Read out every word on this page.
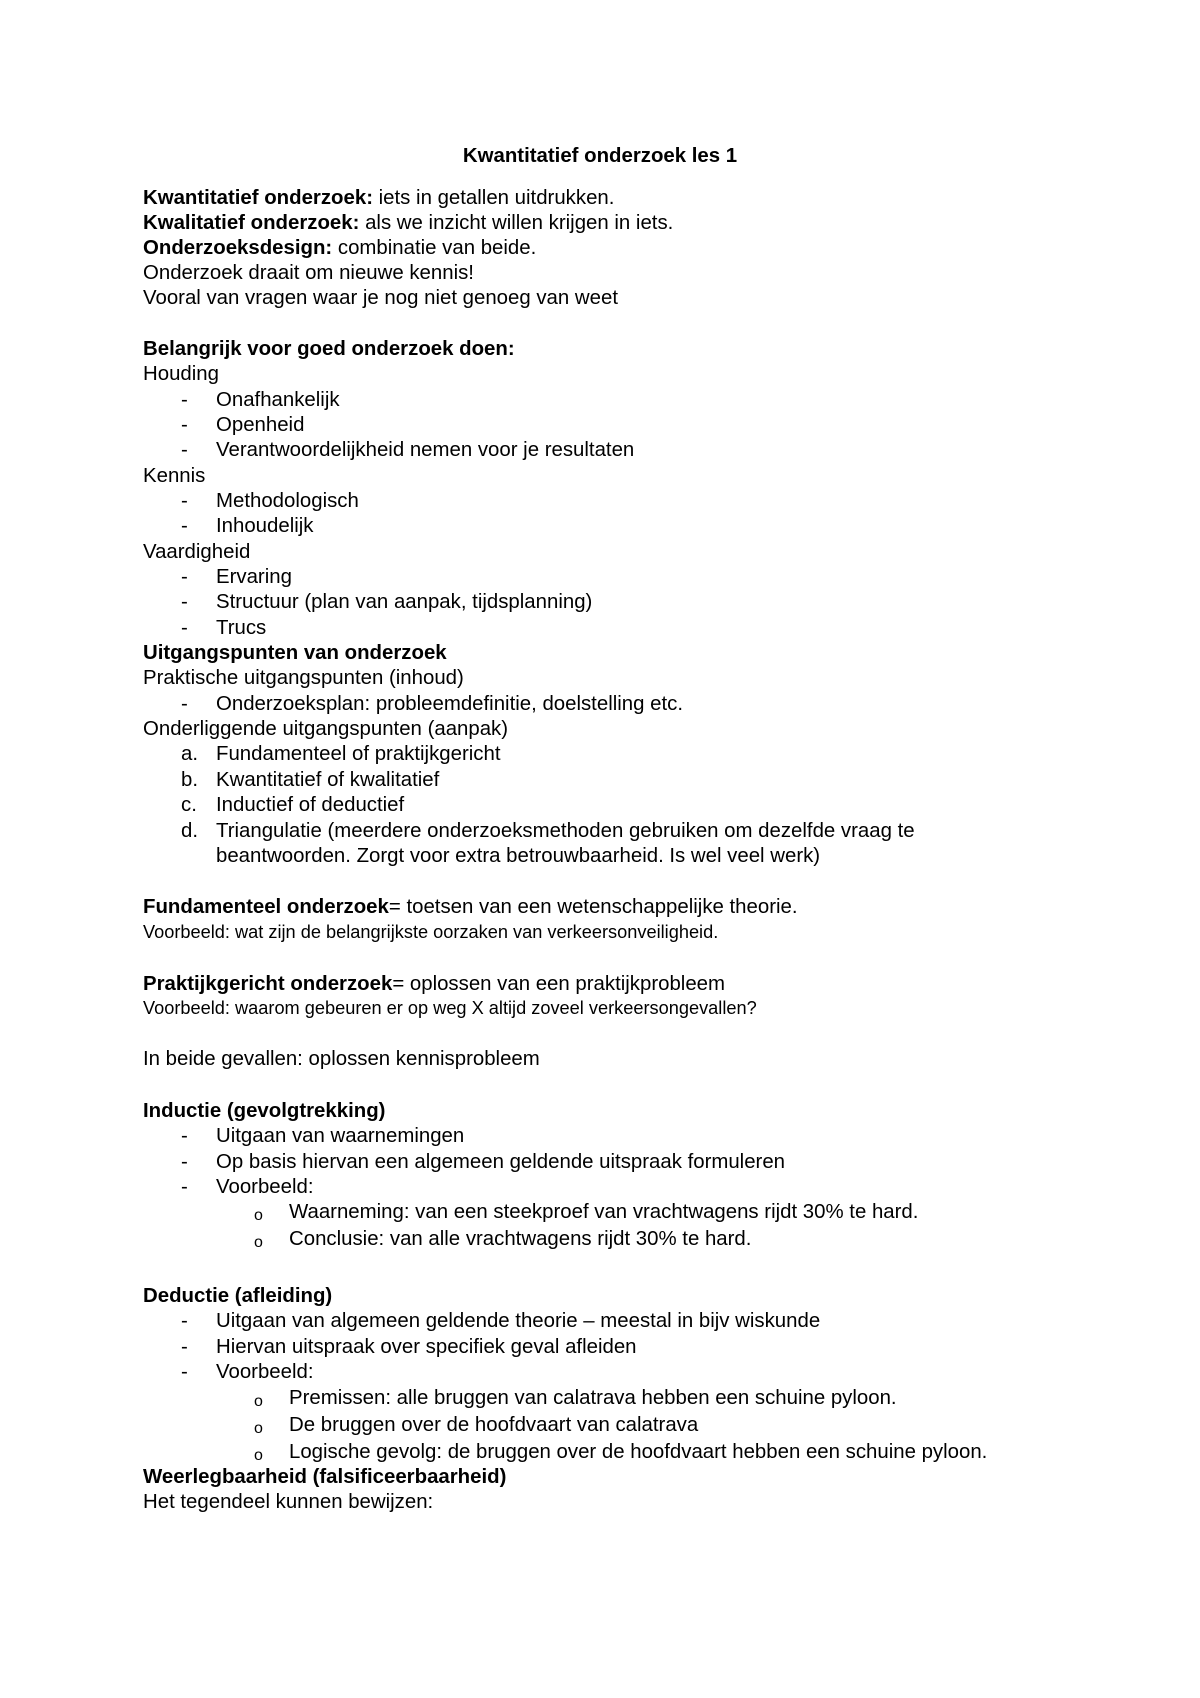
Kwantitatief onderzoek les 1
Kwantitatief onderzoek: iets in getallen uitdrukken.
Kwalitatief onderzoek: als we inzicht willen krijgen in iets.
Onderzoeksdesign: combinatie van beide.
Onderzoek draait om nieuwe kennis!
Vooral van vragen waar je nog niet genoeg van weet
Belangrijk voor goed onderzoek doen:
Houding
- Onafhankelijk
- Openheid
- Verantwoordelijkheid nemen voor je resultaten
Kennis
- Methodologisch
- Inhoudelijk
Vaardigheid
- Ervaring
- Structuur (plan van aanpak, tijdsplanning)
- Trucs
Uitgangspunten van onderzoek
Praktische uitgangspunten (inhoud)
- Onderzoeksplan: probleemdefinitie, doelstelling etc.
Onderliggende uitgangspunten (aanpak)
a. Fundamenteel of praktijkgericht
b. Kwantitatief of kwalitatief
c. Inductief of deductief
d. Triangulatie (meerdere onderzoeksmethoden gebruiken om dezelfde vraag te
beantwoorden. Zorgt voor extra betrouwbaarheid. Is wel veel werk)
Fundamenteel onderzoek= toetsen van een wetenschappelijke theorie.
Voorbeeld: wat zijn de belangrijkste oorzaken van verkeersonveiligheid.
Praktijkgericht onderzoek= oplossen van een praktijkprobleem
Voorbeeld: waarom gebeuren er op weg X altijd zoveel verkeersongevallen?
In beide gevallen: oplossen kennisprobleem
Inductie (gevolgtrekking)
- Uitgaan van waarnemingen
- Op basis hiervan een algemeen geldende uitspraak formuleren
- Voorbeeld:
o Waarneming: van een steekproef van vrachtwagens rijdt 30% te hard.
o Conclusie: van alle vrachtwagens rijdt 30% te hard.
Deductie (afleiding)
- Uitgaan van algemeen geldende theorie – meestal in bijv wiskunde
- Hiervan uitspraak over specifiek geval afleiden
- Voorbeeld:
o Premissen: alle bruggen van calatrava hebben een schuine pyloon.
o De bruggen over de hoofdvaart van calatrava
o Logische gevolg: de bruggen over de hoofdvaart hebben een schuine pyloon.
Weerlegbaarheid (falsificeerbaarheid)
Het tegendeel kunnen bewijzen:
